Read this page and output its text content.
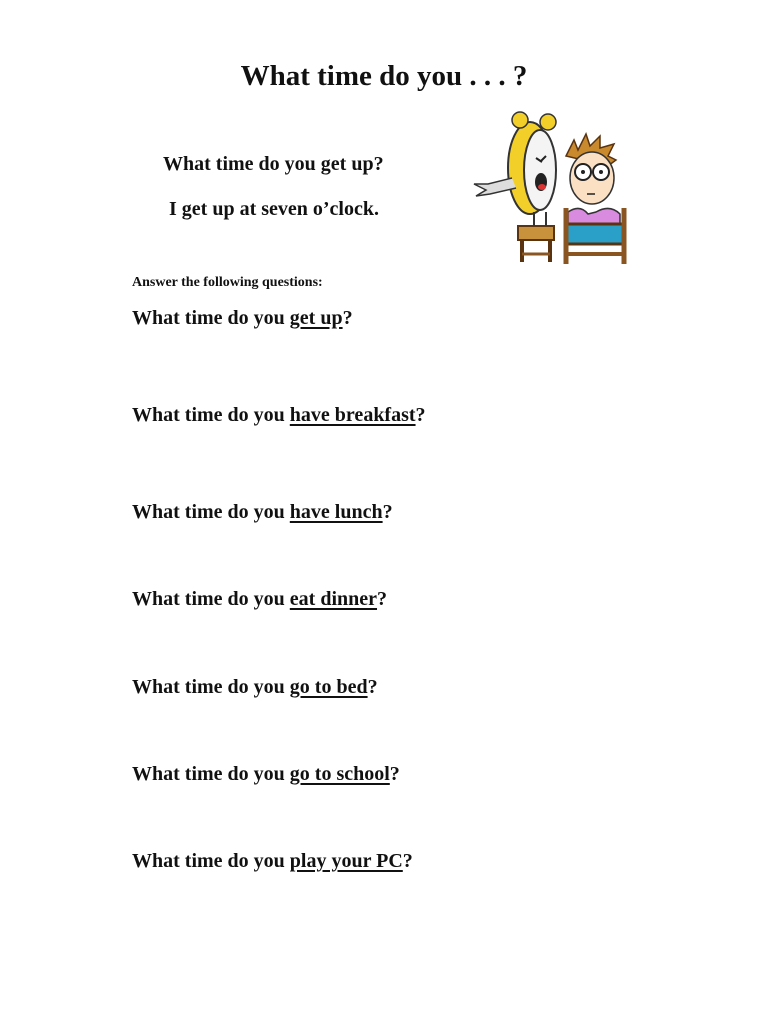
What time do you . . . ?
What time do you get up?
I get up at seven o’clock.
Answer the following questions:
What time do you get up?
What time do you have breakfast?
What time do you have lunch?
What time do you eat dinner?
What time do you go to bed?
What time do you go to school?
What time do you play your PC?
